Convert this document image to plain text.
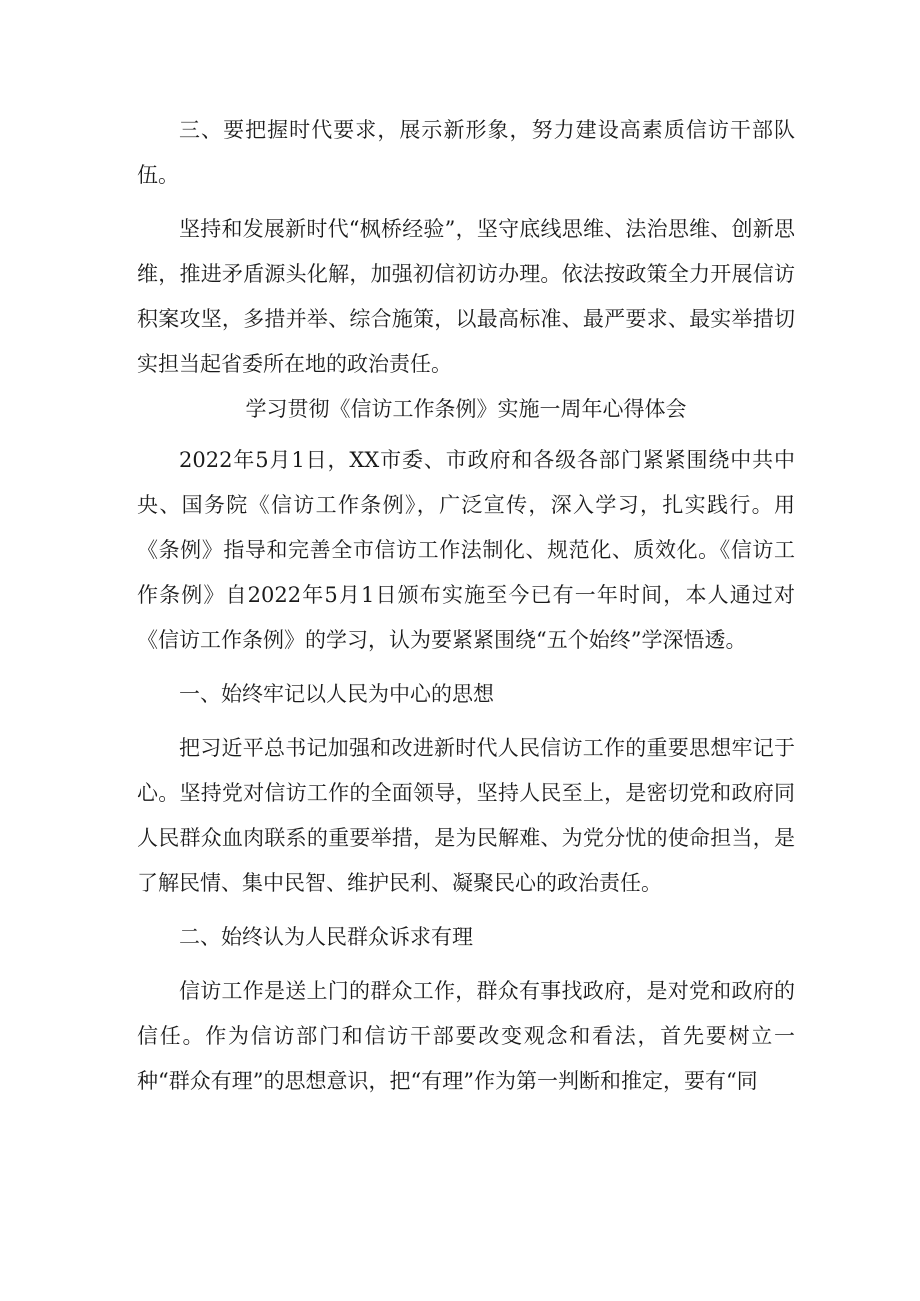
三、要把握时代要求，展示新形象，努力建设高素质信访干部队伍。

坚持和发展新时代“枫桥经验”，坚守底线思维、法治思维、创新思维，推进矛盾源头化解，加强初信初访办理。依法按政策全力开展信访积案攻坚，多措并举、综合施策，以最高标准、最严要求、最实举措切实担当起省委所在地的政治责任。

学习贯彻《信访工作条例》实施一周年心得体会

2022年5月1日，XX市委、市政府和各级各部门紧紧围绕中共中央、国务院《信访工作条例》，广泛宣传，深入学习，扎实践行。用《条例》指导和完善全市信访工作法制化、规范化、质效化。《信访工作条例》自2022年5月1日颁布实施至今已有一年时间，本人通过对《信访工作条例》的学习，认为要紧紧围绕“五个始终”学深悟透。

一、始终牢记以人民为中心的思想

把习近平总书记加强和改进新时代人民信访工作的重要思想牢记于心。坚持党对信访工作的全面领导，坚持人民至上，是密切党和政府同人民群众血肉联系的重要举措，是为民解难、为党分忧的使命担当，是了解民情、集中民智、维护民利、凝聚民心的政治责任。

二、始终认为人民群众诉求有理

信访工作是送上门的群众工作，群众有事找政府，是对党和政府的信任。作为信访部门和信访干部要改变观念和看法，首先要树立一种“群众有理”的思想意识，把“有理”作为第一判断和推定，要有“同
